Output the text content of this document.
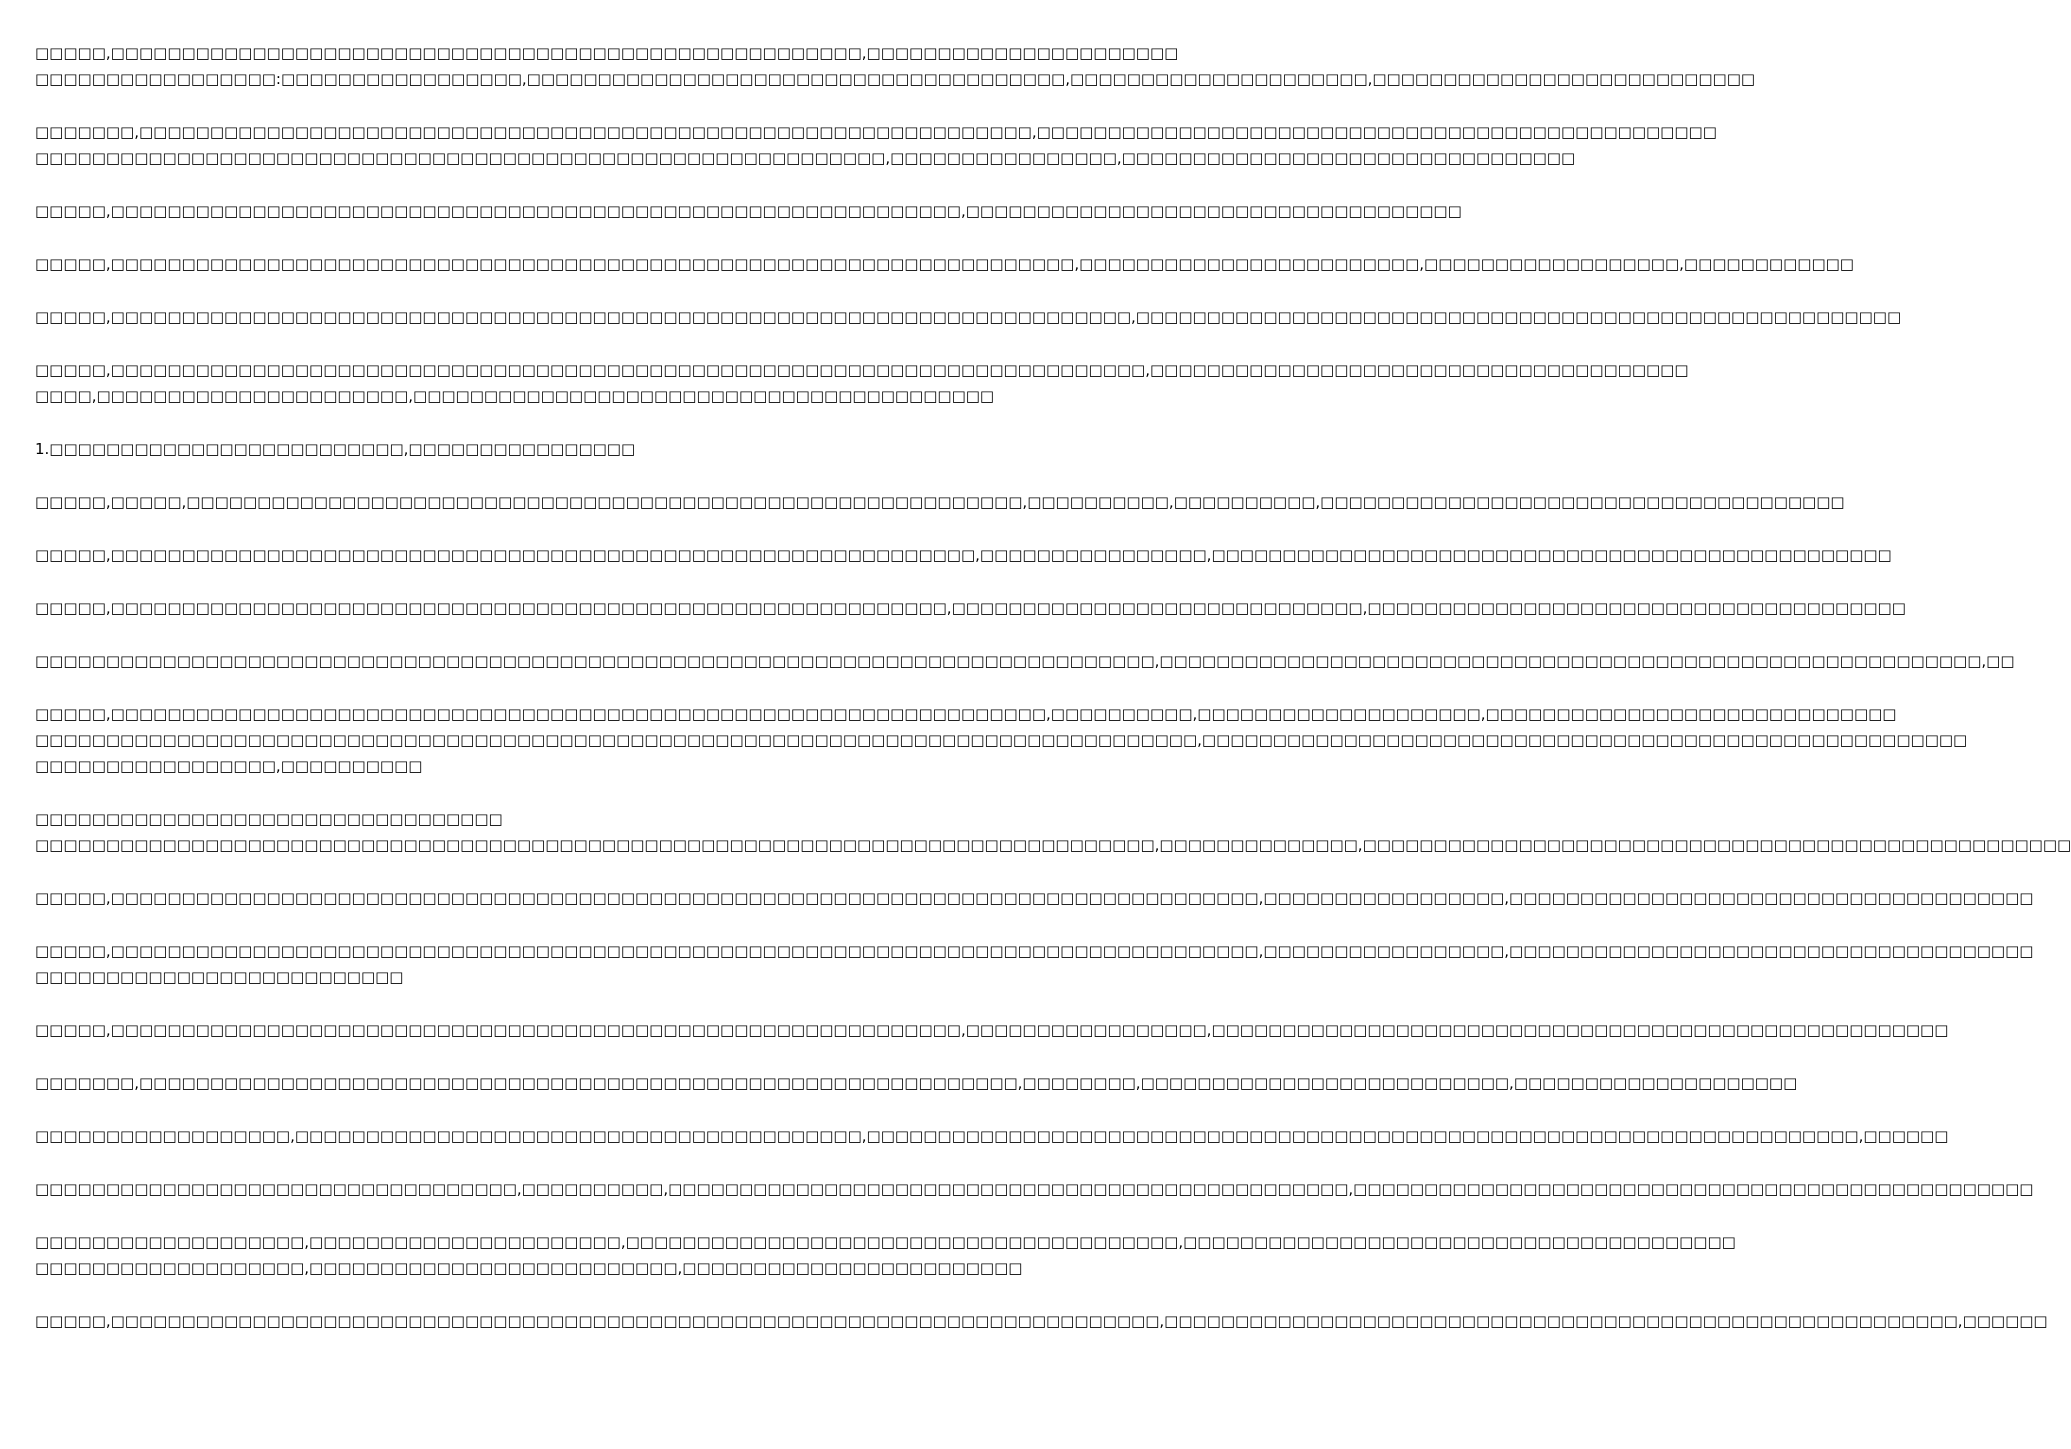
□□□□□,□□□□□□□□□□□□□□□□□□□□□□□□□□□□□□□□□□□□□□□□□□□□□□□□□□□□□,□□□□□□□□□□□□□□□□□□□□□□
□□□□□□□□□□□□□□□□□:□□□□□□□□□□□□□□□□□,□□□□□□□□□□□□□□□□□□□□□□□□□□□□□□□□□□□□□□,□□□□□□□□□□□□□□□□□□□□□,□□□□□□□□□□□□□□□□□□□□□□□□□□□
□□□□□□□,□□□□□□□□□□□□□□□□□□□□□□□□□□□□□□□□□□□□□□□□□□□□□□□□□□□□□□□□□□□□□□□,□□□□□□□□□□□□□□□□□□□□□□□□□□□□□□□□□□□□□□□□□□□□□□□□
□□□□□□□□□□□□□□□□□□□□□□□□□□□□□□□□□□□□□□□□□□□□□□□□□□□□□□□□□□□□,□□□□□□□□□□□□□□□□,□□□□□□□□□□□□□□□□□□□□□□□□□□□□□□□□
□□□□□,□□□□□□□□□□□□□□□□□□□□□□□□□□□□□□□□□□□□□□□□□□□□□□□□□□□□□□□□□□□□,□□□□□□□□□□□□□□□□□□□□□□□□□□□□□□□□□□□
□□□□□,□□□□□□□□□□□□□□□□□□□□□□□□□□□□□□□□□□□□□□□□□□□□□□□□□□□□□□□□□□□□□□□□□□□□,□□□□□□□□□□□□□□□□□□□□□□□□,□□□□□□□□□□□□□□□□□□,□□□□□□□□□□□□
□□□□□,□□□□□□□□□□□□□□□□□□□□□□□□□□□□□□□□□□□□□□□□□□□□□□□□□□□□□□□□□□□□□□□□□□□□□□□□,□□□□□□□□□□□□□□□□□□□□□□□□□□□□□□□□□□□□□□□□□□□□□□□□□□□□□□
□□□□□,□□□□□□□□□□□□□□□□□□□□□□□□□□□□□□□□□□□□□□□□□□□□□□□□□□□□□□□□□□□□□□□□□□□□□□□□□,□□□□□□□□□□□□□□□□□□□□□□□□□□□□□□□□□□□□□□
□□□□,□□□□□□□□□□□□□□□□□□□□□□,□□□□□□□□□□□□□□□□□□□□□□□□□□□□□□□□□□□□□□□□□
1.□□□□□□□□□□□□□□□□□□□□□□□□□,□□□□□□□□□□□□□□□□
□□□□□,□□□□□,□□□□□□□□□□□□□□□□□□□□□□□□□□□□□□□□□□□□□□□□□□□□□□□□□□□□□□□□□□□,□□□□□□□□□□,□□□□□□□□□□,□□□□□□□□□□□□□□□□□□□□□□□□□□□□□□□□□□□□□
□□□□□,□□□□□□□□□□□□□□□□□□□□□□□□□□□□□□□□□□□□□□□□□□□□□□□□□□□□□□□□□□□□□,□□□□□□□□□□□□□□□□,□□□□□□□□□□□□□□□□□□□□□□□□□□□□□□□□□□□□□□□□□□□□□□□□
□□□□□,□□□□□□□□□□□□□□□□□□□□□□□□□□□□□□□□□□□□□□□□□□□□□□□□□□□□□□□□□□□,□□□□□□□□□□□□□□□□□□□□□□□□□□□□□,□□□□□□□□□□□□□□□□□□□□□□□□□□□□□□□□□□□□□□
□□□□□□□□□□□□□□□□□□□□□□□□□□□□□□□□□□□□□□□□□□□□□□□□□□□□□□□□□□□□□□□□□□□□□□□□□□□□□□□,□□□□□□□□□□□□□□□□□□□□□□□□□□□□□□□□□□□□□□□□□□□□□□□□□□□□□□□□□□,□□
□□□□□,□□□□□□□□□□□□□□□□□□□□□□□□□□□□□□□□□□□□□□□□□□□□□□□□□□□□□□□□□□□□□□□□□□,□□□□□□□□□□,□□□□□□□□□□□□□□□□□□□□,□□□□□□□□□□□□□□□□□□□□□□□□□□□□□
□□□□□□□□□□□□□□□□□□□□□□□□□□□□□□□□□□□□□□□□□□□□□□□□□□□□□□□□□□□□□□□□□□□□□□□□□□□□□□□□□□,□□□□□□□□□□□□□□□□□□□□□□□□□□□□□□□□□□□□□□□□□□□□□□□□□□□□□□
□□□□□□□□□□□□□□□□□,□□□□□□□□□□
□□□□□□□□□□□□□□□□□□□□□□□□□□□□□□□□□
□□□□□□□□□□□□□□□□□□□□□□□□□□□□□□□□□□□□□□□□□□□□□□□□□□□□□□□□□□□□□□□□□□□□□□□□□□□□□□□,□□□□□□□□□□□□□□,□□□□□□□□□□□□□□□□□□□□□□□□□□□□□□□□□□□□□□□□□□□□□□□□□□
□□□□□,□□□□□□□□□□□□□□□□□□□□□□□□□□□□□□□□□□□□□□□□□□□□□□□□□□□□□□□□□□□□□□□□□□□□□□□□□□□□□□□□□,□□□□□□□□□□□□□□□□□,□□□□□□□□□□□□□□□□□□□□□□□□□□□□□□□□□□□□□
□□□□□,□□□□□□□□□□□□□□□□□□□□□□□□□□□□□□□□□□□□□□□□□□□□□□□□□□□□□□□□□□□□□□□□□□□□□□□□□□□□□□□□□,□□□□□□□□□□□□□□□□□,□□□□□□□□□□□□□□□□□□□□□□□□□□□□□□□□□□□□□
□□□□□□□□□□□□□□□□□□□□□□□□□□
□□□□□,□□□□□□□□□□□□□□□□□□□□□□□□□□□□□□□□□□□□□□□□□□□□□□□□□□□□□□□□□□□□,□□□□□□□□□□□□□□□□□,□□□□□□□□□□□□□□□□□□□□□□□□□□□□□□□□□□□□□□□□□□□□□□□□□□□□
□□□□□□□,□□□□□□□□□□□□□□□□□□□□□□□□□□□□□□□□□□□□□□□□□□□□□□□□□□□□□□□□□□□□□□,□□□□□□□□,□□□□□□□□□□□□□□□□□□□□□□□□□□,□□□□□□□□□□□□□□□□□□□□
□□□□□□□□□□□□□□□□□□,□□□□□□□□□□□□□□□□□□□□□□□□□□□□□□□□□□□□□□□□,□□□□□□□□□□□□□□□□□□□□□□□□□□□□□□□□□□□□□□□□□□□□□□□□□□□□□□□□□□□□□□□□□□□□□□,□□□□□□
□□□□□□□□□□□□□□□□□□□□□□□□□□□□□□□□□□,□□□□□□□□□□,□□□□□□□□□□□□□□□□□□□□□□□□□□□□□□□□□□□□□□□□□□□□□□□□,□□□□□□□□□□□□□□□□□□□□□□□□□□□□□□□□□□□□□□□□□□□□□□□□
□□□□□□□□□□□□□□□□□□□,□□□□□□□□□□□□□□□□□□□□□□,□□□□□□□□□□□□□□□□□□□□□□□□□□□□□□□□□□□□□□□,□□□□□□□□□□□□□□□□□□□□□□□□□□□□□□□□□□□□□□□
□□□□□□□□□□□□□□□□□□□,□□□□□□□□□□□□□□□□□□□□□□□□□□,□□□□□□□□□□□□□□□□□□□□□□□□
□□□□□,□□□□□□□□□□□□□□□□□□□□□□□□□□□□□□□□□□□□□□□□□□□□□□□□□□□□□□□□□□□□□□□□□□□□□□□□□□,□□□□□□□□□□□□□□□□□□□□□□□□□□□□□□□□□□□□□□□□□□□□□□□□□□□□□□□□,□□□□□□
